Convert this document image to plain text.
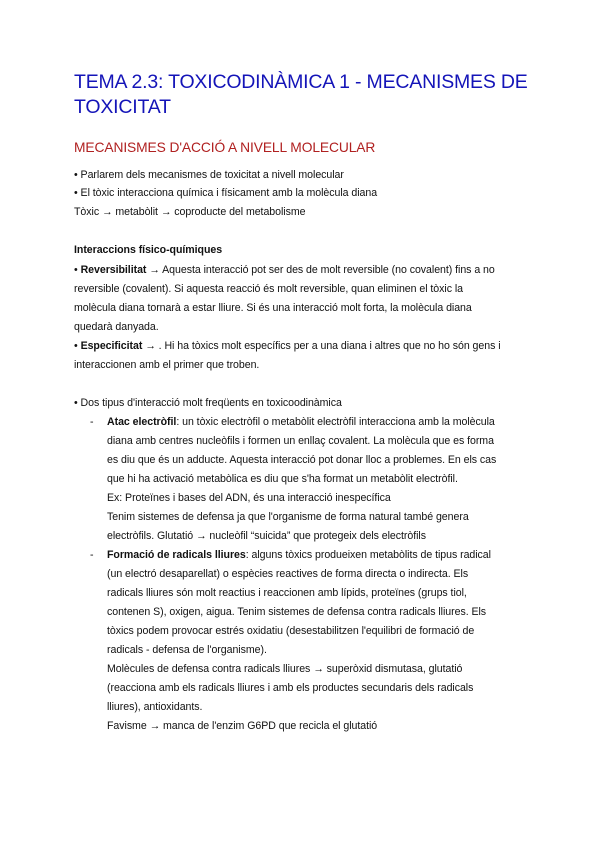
TEMA 2.3: TOXICODINÀMICA 1 - MECANISMES DE TOXICITAT
MECANISMES D'ACCIÓ A NIVELL MOLECULAR
• Parlarem dels mecanismes de toxicitat a nivell molecular
• El tòxic interacciona química i físicament amb la molècula diana
Tòxic → metabòlit → coproducte del metabolisme
Interaccions físico-químiques
• Reversibilitat → Aquesta interacció pot ser des de molt reversible (no covalent) fins a no
reversible (covalent). Si aquesta reacció és molt reversible, quan eliminen el tòxic la
molècula diana tornarà a estar lliure. Si és una interacció molt forta, la molècula diana
quedarà danyada.
• Especificitat → . Hi ha tòxics molt específics per a una diana i altres que no ho són gens i
interaccionen amb el primer que troben.
• Dos tipus d'interacció molt freqüents en toxicoodinàmica
- Atac electròfil: un tòxic electròfil o metabòlit electròfil interacciona amb la molècula
diana amb centres nucleòfils i formen un enllaç covalent. La molècula que es forma
es diu que és un adducte. Aquesta interacció pot donar lloc a problemes. En els cas
que hi ha activació metabòlica es diu que s'ha format un metabòlit electròfil.
Ex: Proteïnes i bases del ADN, és una interacció inespecífica
Tenim sistemes de defensa ja que l'organisme de forma natural també genera
electròfils. Glutatió → nucleòfil “suicida” que protegeix dels electròfils
- Formació de radicals lliures: alguns tòxics produeixen metabòlits de tipus radical
(un electró desaparellat) o espècies reactives de forma directa o indirecta. Els
radicals lliures són molt reactius i reaccionen amb lípids, proteïnes (grups tiol,
contenen S), oxigen, aigua. Tenim sistemes de defensa contra radicals lliures. Els
tòxics podem provocar estrés oxidatiu (desestabilitzen l'equilibri de formació de
radicals - defensa de l'organisme).
Molècules de defensa contra radicals lliures → superòxid dismutasa, glutatió
(reacciona amb els radicals lliures i amb els productes secundaris dels radicals
lliures), antioxidants.
Favisme → manca de l'enzim G6PD que recicla el glutatió
